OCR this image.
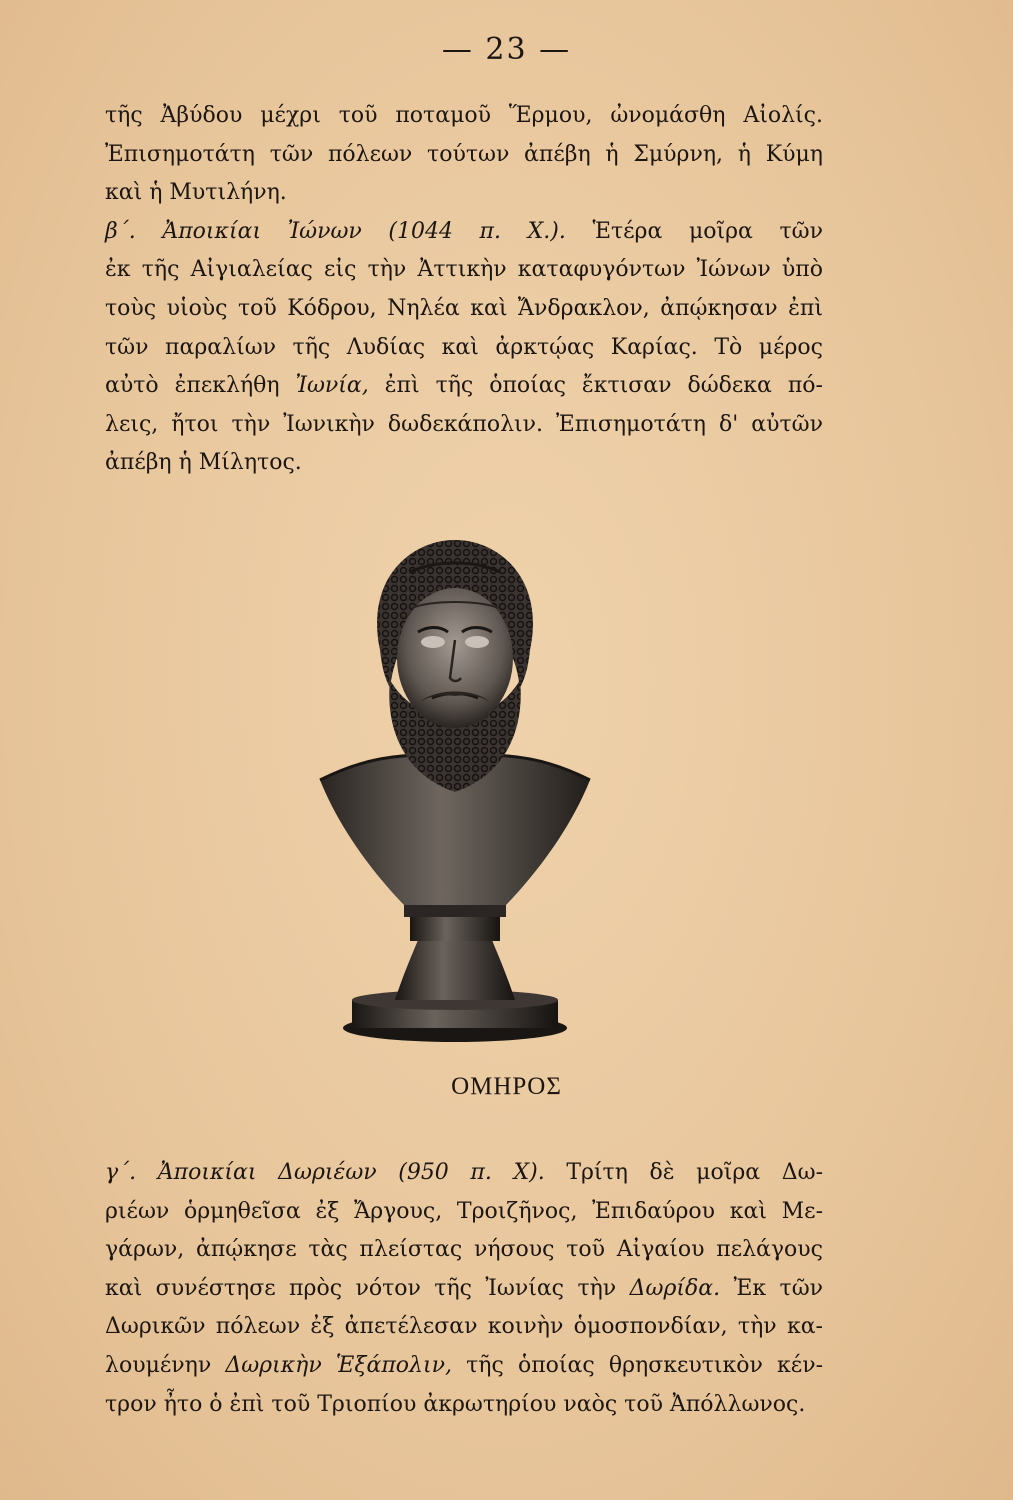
— 23 —
τῆς Ἀβύδου μέχρι τοῦ ποταμοῦ Ἕρμου, ὠνομάσθη Αἰολίς.
Ἐπισημοτάτη τῶν πόλεων τούτων ἀπέβη ἡ Σμύρνη, ἡ Κύμη
καὶ ἡ Μυτιλήνη.
β΄. Ἀποικίαι Ἰώνων (1044 π. Χ.). Ἑτέρα μοῖρα τῶν
ἐκ τῆς Αἰγιαλείας εἰς τὴν Ἀττικὴν καταφυγόντων Ἰώνων ὑπὸ
τοὺς υἱοὺς τοῦ Κόδρου, Νηλέα καὶ Ἄνδρακλον, ἀπῴκησαν ἐπὶ
τῶν παραλίων τῆς Λυδίας καὶ ἀρκτῴας Καρίας. Τὸ μέρος
αὐτὸ ἐπεκλήθη Ἰωνία, ἐπὶ τῆς ὁποίας ἔκτισαν δώδεκα πό-
λεις, ἤτοι τὴν Ἰωνικὴν δωδεκάπολιν. Ἐπισημοτάτη δ' αὐτῶν
ἀπέβη ἡ Μίλητος.
ΟΜΗΡΟΣ
γ΄. Ἀποικίαι Δωριέων (950 π. Χ). Τρίτη δὲ μοῖρα Δω-
ριέων ὁρμηθεῖσα ἐξ Ἄργους, Τροιζῆνος, Ἐπιδαύρου καὶ Με-
γάρων, ἀπῴκησε τὰς πλείστας νήσους τοῦ Αἰγαίου πελάγους
καὶ συνέστησε πρὸς νότον τῆς Ἰωνίας τὴν Δωρίδα. Ἐκ τῶν
Δωρικῶν πόλεων ἐξ ἀπετέλεσαν κοινὴν ὁμοσπονδίαν, τὴν κα-
λουμένην Δωρικὴν Ἑξάπολιν, τῆς ὁποίας θρησκευτικὸν κέν-
τρον ἦτο ὁ ἐπὶ τοῦ Τριοπίου ἀκρωτηρίου ναὸς τοῦ Ἀπόλλωνος.
